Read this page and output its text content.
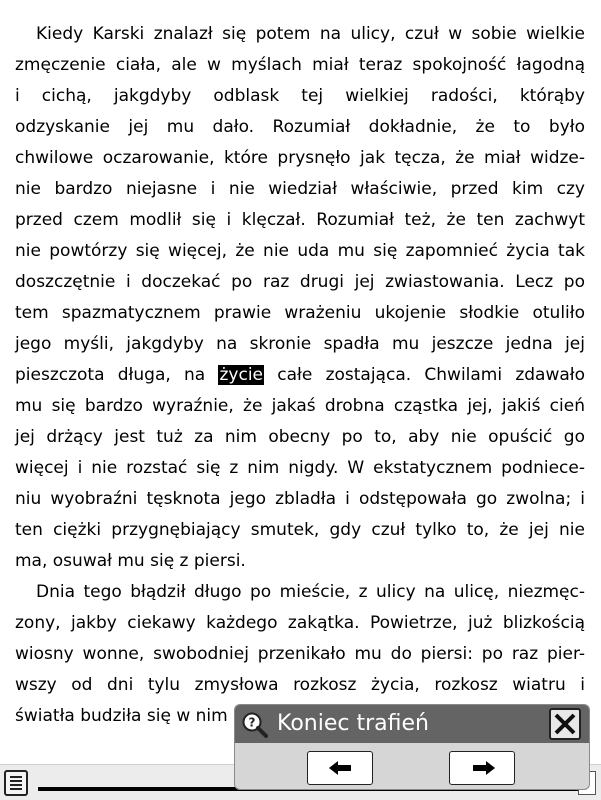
Kiedy Karski znalazł się potem na ulicy, czuł w sobie wielkie
zmęczenie ciała, ale w myślach miał teraz spokojność łagodną
i cichą, jakgdyby odblask tej wielkiej radości, którąby
odzyskanie jej mu dało. Rozumiał dokładnie, że to było
chwilowe oczarowanie, które prysnęło jak tęcza, że miał widze-
nie bardzo niejasne i nie wiedział właściwie, przed kim czy
przed czem modlił się i klęczał. Rozumiał też, że ten zachwyt
nie powtórzy się więcej, że nie uda mu się zapomnieć życia tak
doszczętnie i doczekać po raz drugi jej zwiastowania. Lecz po
tem spazmatycznem prawie wrażeniu ukojenie słodkie otuliło
jego myśli, jakgdyby na skronie spadła mu jeszcze jedna jej
pieszczota długa, na życie całe zostająca. Chwilami zdawało
mu się bardzo wyraźnie, że jakaś drobna cząstka jej, jakiś cień
jej drżący jest tuż za nim obecny po to, aby nie opuścić go
więcej i nie rozstać się z nim nigdy. W ekstatycznem podniece-
niu wyobraźni tęsknota jego zbladła i odstępowała go zwolna; i
ten ciężki przygnębiający smutek, gdy czuł tylko to, że jej nie
ma, osuwał mu się z piersi.
Dnia tego błądził długo po mieście, z ulicy na ulicę, niezmęc-
zony, jakby ciekawy każdego zakątka. Powietrze, już blizkością
wiosny wonne, swobodniej przenikało mu do piersi: po raz pier-
wszy od dni tylu zmysłowa rozkosz życia, rozkosz wiatru i
światła budziła się w nim	? Koniec trafień
